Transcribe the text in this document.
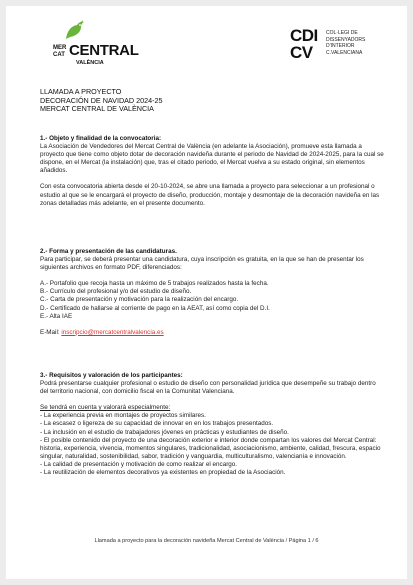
MER
CAT CENTRAL
VALÈNCIA
CDI
CV
COL·LEGI DE
DISSENYADORS
D'INTERIOR
C.VALENCIANA
LLAMADA A PROYECTO
DECORACIÓN DE NAVIDAD 2024-25
MERCAT CENTRAL DE VALÈNCIA
1.- Objeto y finalidad de la convocatoria:
La Asociación de Vendedores del Mercat Central de València (en adelante la Asociación), promueve esta llamada a proyecto que tiene como objeto dotar de decoración navideña durante el periodo de Navidad de 2024-2025, para la cual se dispone, en el Mercat (la instalación) que, tras el citado periodo, el Mercat vuelva a su estado original, sin elementos añadidos.
Con esta convocatoria abierta desde el 20-10-2024, se abre una llamada a proyecto para seleccionar a un profesional o estudio al que se le encargará el proyecto de diseño, producción, montaje y desmontaje de la decoración navideña en las zonas detalladas más adelante, en el presente documento.
2.- Forma y presentación de las candidaturas.
Para participar, se deberá presentar una candidatura, cuya inscripción es gratuita, en la que se han de presentar los siguientes archivos en formato PDF, diferenciados:
A.- Portafolio que recoja hasta un máximo de 5 trabajos realizados hasta la fecha.
B.- Currículo del profesional y/o del estudio de diseño.
C.- Carta de presentación y motivación para la realización del encargo.
D.- Certificado de hallarse al corriente de pago en la AEAT, así como copia del D.I.
E.- Alta IAE
E-Mail: inscripcio@mercatcentralvalencia.es
3.- Requisitos y valoración de los participantes:
Podrá presentarse cualquier profesional o estudio de diseño con personalidad jurídica que desempeñe su trabajo dentro del territorio nacional, con domicilio fiscal en la Comunitat Valenciana.
Se tendrá en cuenta y valorará especialmente:
- La experiencia previa en montajes de proyectos similares.
- La escasez o ligereza de su capacidad de innovar en en los trabajos presentados.
- La inclusión en el estudio de trabajadores jóvenes en prácticas y estudiantes de diseño.
- El posible contenido del proyecto de una decoración exterior e interior donde compartan los valores del Mercat Central: historia, experiencia, vivencia, momentos singulares, tradicionalidad, asociacionismo, ambiente, calidad, frescura, espacio singular, naturalidad, sostenibilidad, sabor, tradición y vanguardia, multiculturalismo, valencianía e innovación.
- La calidad de presentación y motivación de como realizar el encargo.
- La reutilización de elementos decorativos ya existentes en propiedad de la Asociación.
Llamada a proyecto para la decoración navideña Mercat Central de València / Página 1 / 6
